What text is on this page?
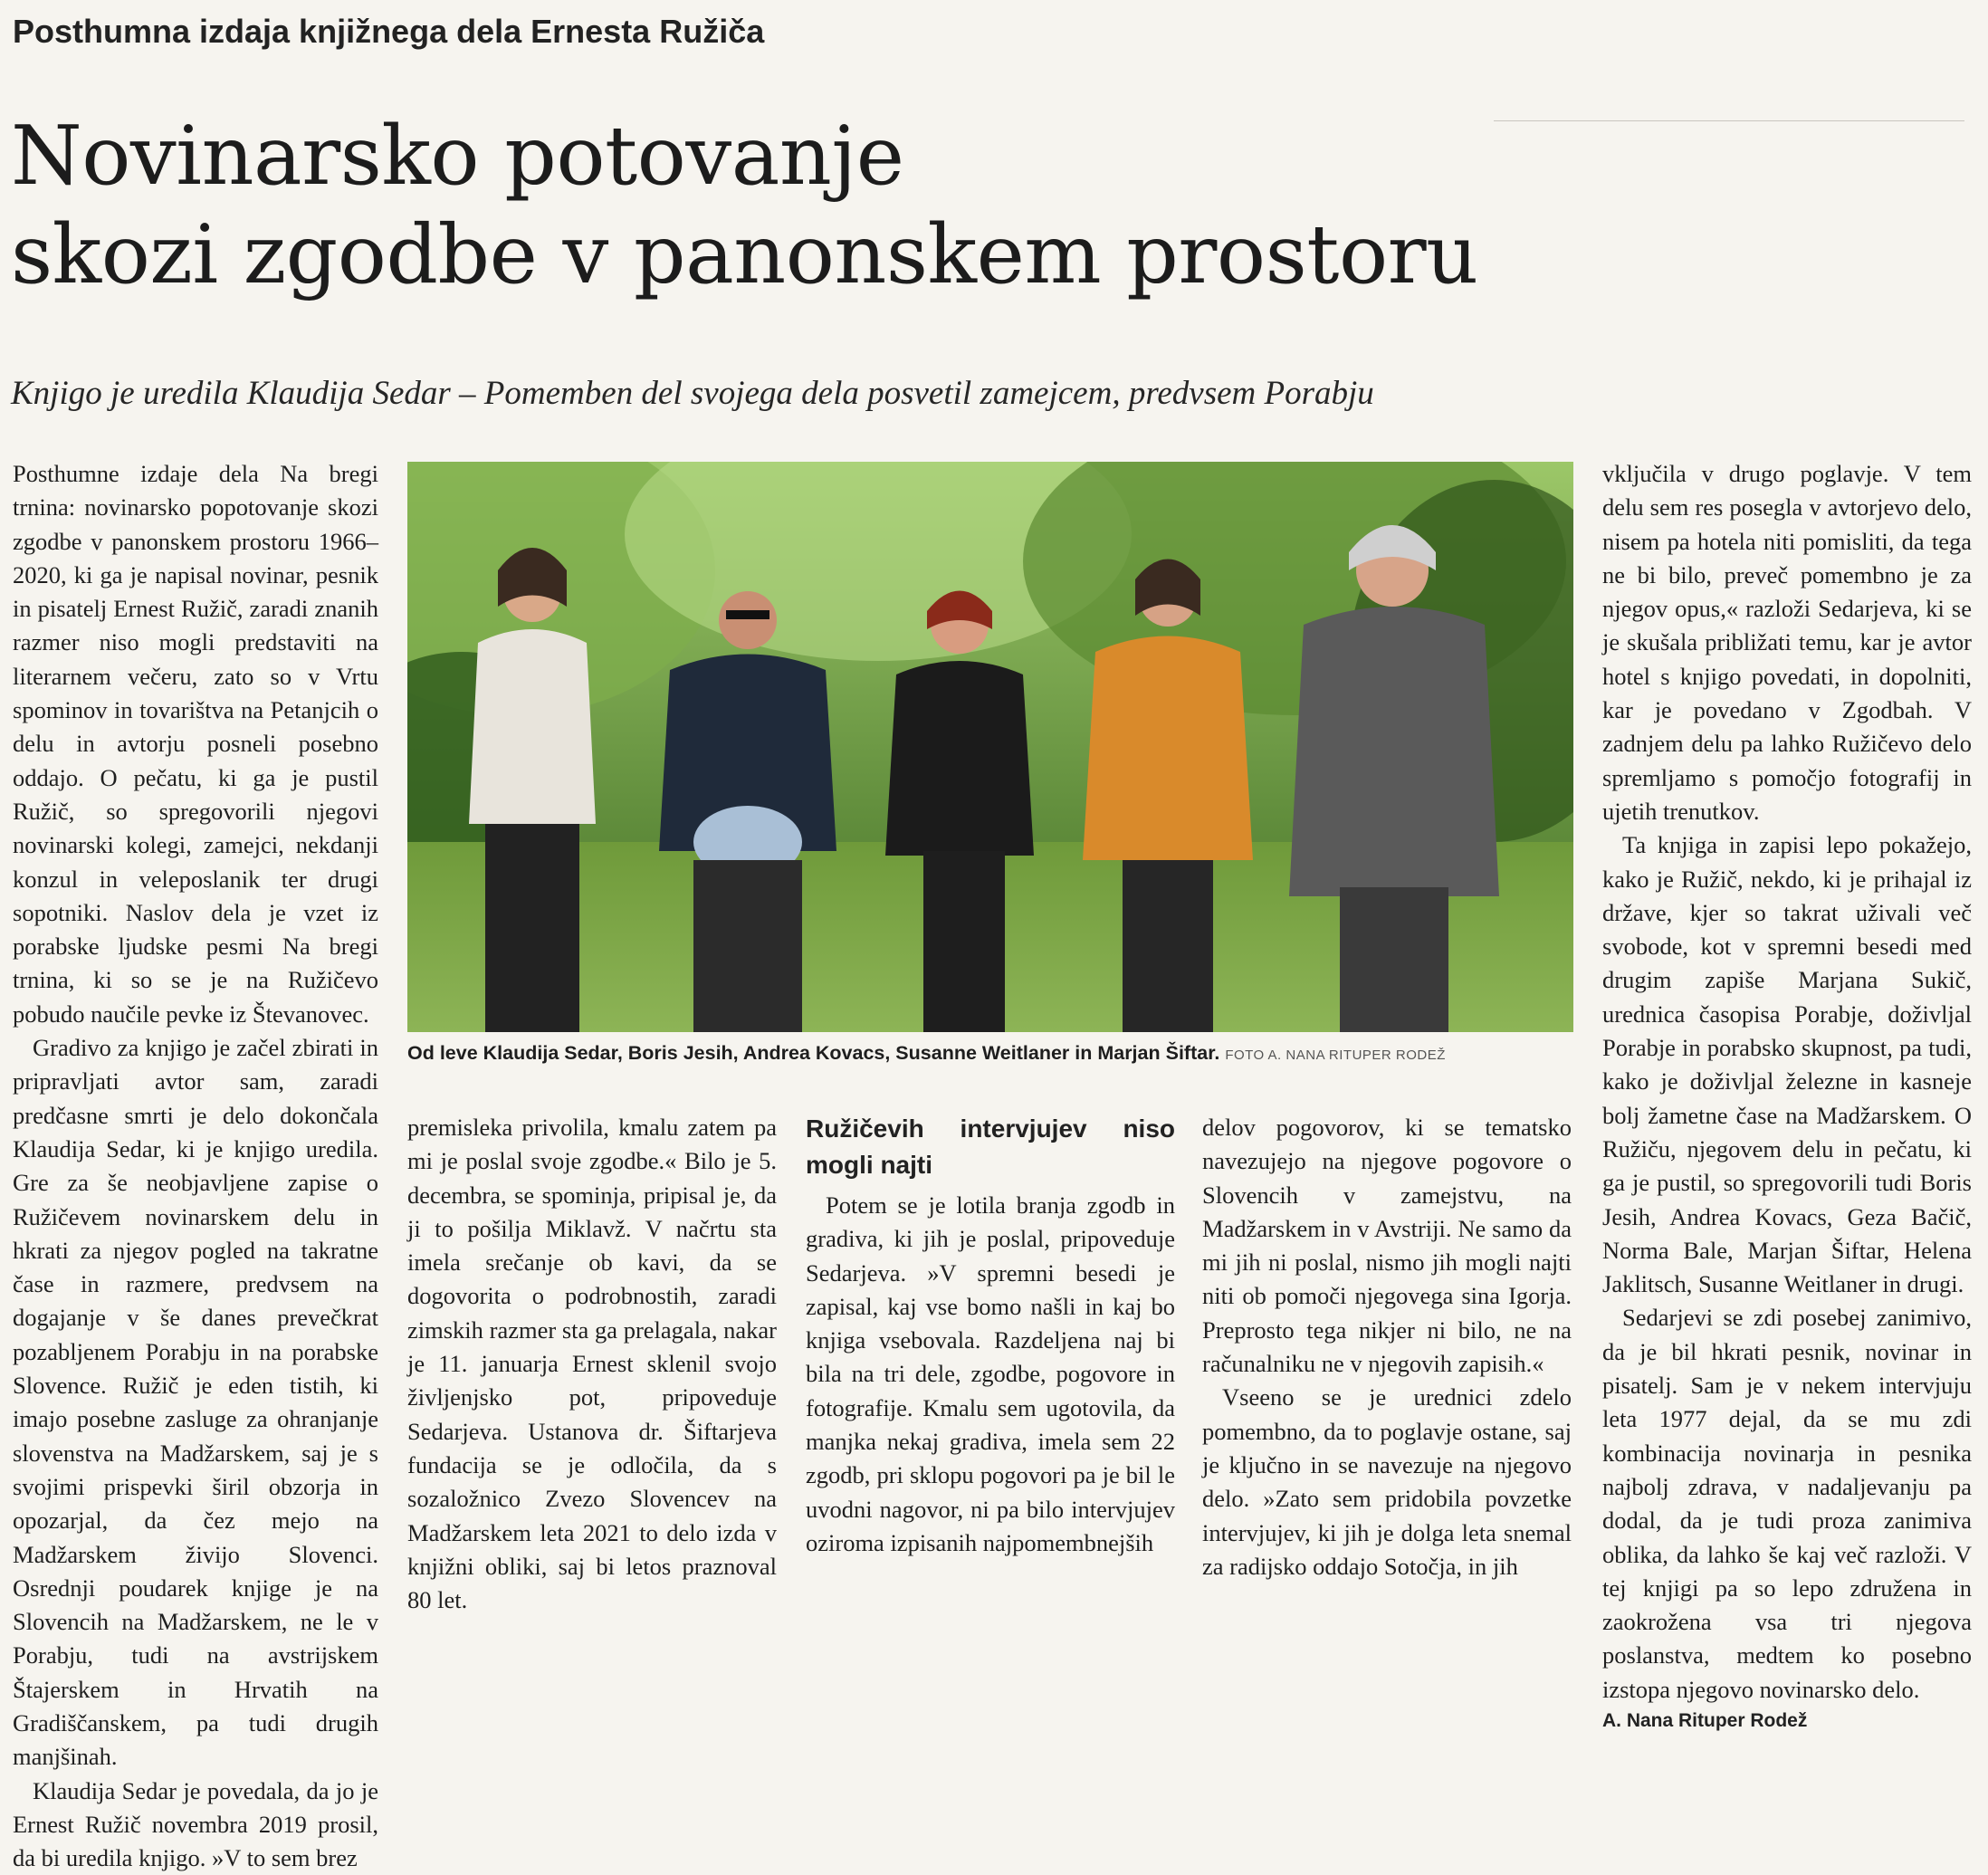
Posthumna izdaja knjižnega dela Ernesta Ružiča
Novinarsko potovanje
skozi zgodbe v panonskem prostoru
Knjigo je uredila Klaudija Sedar – Pomemben del svojega dela posvetil zamejcem, predvsem Porabju

Posthumne izdaje dela Na bregi trnina: novinarsko popotovanje skozi zgodbe v panonskem prostoru 1966–2020, ki ga je napisal novinar, pesnik in pisatelj Ernest Ružič, zaradi znanih razmer niso mogli predstaviti na literarnem večeru, zato so v Vrtu spominov in tovarištva na Petanjcih o delu in avtorju posneli posebno oddajo. O pečatu, ki ga je pustil Ružič, so spregovorili njegovi novinarski kolegi, zamejci, nekdanji konzul in veleposlanik ter drugi sopotniki. Naslov dela je vzet iz porabske ljudske pesmi Na bregi trnina, ki so se je na Ružičevo pobudo naučile pevke iz Števanovec.

Gradivo za knjigo je začel zbirati in pripravljati avtor sam, zaradi predčasne smrti je delo dokončala Klaudija Sedar, ki je knjigo uredila. Gre za še neobjavljene zapise o Ružičevem novinarskem delu in hkrati za njegov pogled na takratne čase in razmere, predvsem na dogajanje v še danes prevečkrat pozabljenem Porabju in na porabske Slovence. Ružič je eden tistih, ki imajo posebne zasluge za ohranjanje slovenstva na Madžarskem, saj je s svojimi prispevki širil obzorja in opozarjal, da čez mejo na Madžarskem živijo Slovenci. Osrednji poudarek knjige je na Slovencih na Madžarskem, ne le v Porabju, tudi na avstrijskem Štajerskem in Hrvatih na Gradiščanskem, pa tudi drugih manjšinah.

Klaudija Sedar je povedala, da jo je Ernest Ružič novembra 2019 prosil, da bi uredila knjigo. »V to sem brez

Od leve Klaudija Sedar, Boris Jesih, Andrea Kovacs, Susanne Weitlaner in Marjan Šiftar. FOTO A. NANA RITUPER RODEŽ

premisleka privolila, kmalu zatem pa mi je poslal svoje zgodbe.« Bilo je 5. decembra, se spominja, pripisal je, da ji to pošilja Miklavž. V načrtu sta imela srečanje ob kavi, da se dogovorita o podrobnostih, zaradi zimskih razmer sta ga prelagala, nakar je 11. januarja Ernest sklenil svojo življenjsko pot, pripoveduje Sedarjeva. Ustanova dr. Šiftarjeva fundacija se je odločila, da s sozaložnico Zvezo Slovencev na Madžarskem leta 2021 to delo izda v knjižni obliki, saj bi letos praznoval 80 let.

Ružičevih intervjujev niso mogli najti

Potem se je lotila branja zgodb in gradiva, ki jih je poslal, pripoveduje Sedarjeva. »V spremni besedi je zapisal, kaj vse bomo našli in kaj bo knjiga vsebovala. Razdeljena naj bi bila na tri dele, zgodbe, pogovore in fotografije. Kmalu sem ugotovila, da manjka nekaj gradiva, imela sem 22 zgodb, pri sklopu pogovori pa je bil le uvodni nagovor, ni pa bilo intervjujev oziroma izpisanih najpomembnejših

delov pogovorov, ki se tematsko navezujejo na njegove pogovore o Slovencih v zamejstvu, na Madžarskem in v Avstriji. Ne samo da mi jih ni poslal, nismo jih mogli najti niti ob pomoči njegovega sina Igorja. Preprosto tega nikjer ni bilo, ne na računalniku ne v njegovih zapisih.«

Vseeno se je urednici zdelo pomembno, da to poglavje ostane, saj je ključno in se navezuje na njegovo delo. »Zato sem pridobila povzetke intervjujev, ki jih je dolga leta snemal za radijsko oddajo Sotočja, in jih

vključila v drugo poglavje. V tem delu sem res posegla v avtorjevo delo, nisem pa hotela niti pomisliti, da tega ne bi bilo, preveč pomembno je za njegov opus,« razloži Sedarjeva, ki se je skušala približati temu, kar je avtor hotel s knjigo povedati, in dopolniti, kar je povedano v Zgodbah. V zadnjem delu pa lahko Ružičevo delo spremljamo s pomočjo fotografij in ujetih trenutkov.

Ta knjiga in zapisi lepo pokažejo, kako je Ružič, nekdo, ki je prihajal iz države, kjer so takrat uživali več svobode, kot v spremni besedi med drugim zapiše Marjana Sukič, urednica časopisa Porabje, doživljal Porabje in porabsko skupnost, pa tudi, kako je doživljal železne in kasneje bolj žametne čase na Madžarskem. O Ružiču, njegovem delu in pečatu, ki ga je pustil, so spregovorili tudi Boris Jesih, Andrea Kovacs, Geza Bačič, Norma Bale, Marjan Šiftar, Helena Jaklitsch, Susanne Weitlaner in drugi.

Sedarjevi se zdi posebej zanimivo, da je bil hkrati pesnik, novinar in pisatelj. Sam je v nekem intervjuju leta 1977 dejal, da se mu zdi kombinacija novinarja in pesnika najbolj zdrava, v nadaljevanju pa dodal, da je tudi proza zanimiva oblika, da lahko še kaj več razloži. V tej knjigi pa so lepo združena in zaokrožena vsa tri njegova poslanstva, medtem ko posebno izstopa njegovo novinarsko delo.

A. Nana Rituper Rodež
